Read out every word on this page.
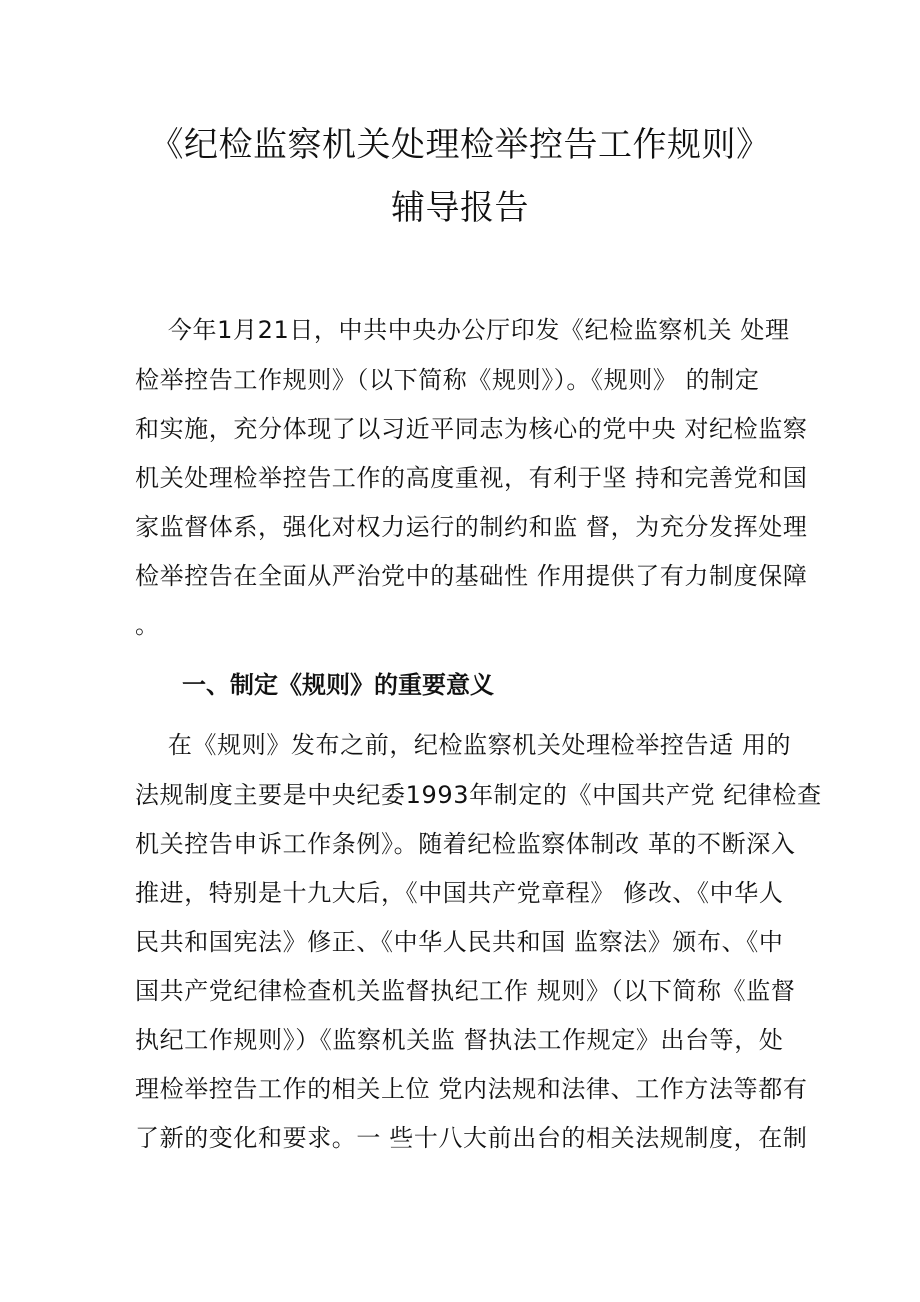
《纪检监察机关处理检举控告工作规则》
辅导报告
今年1月21日，中共中央办公厅印发《纪检监察机关 处理
检举控告工作规则》（以下简称《规则》）。《规则》 的制定
和实施，充分体现了以习近平同志为核心的党中央 对纪检监察
机关处理检举控告工作的高度重视，有利于坚 持和完善党和国
家监督体系，强化对权力运行的制约和监 督，为充分发挥处理
检举控告在全面从严治党中的基础性 作用提供了有力制度保障
。
一、制定《规则》的重要意义
在《规则》发布之前，纪检监察机关处理检举控告适 用的
法规制度主要是中央纪委1993年制定的《中国共产党 纪律检查
机关控告申诉工作条例》。随着纪检监察体制改 革的不断深入
推进，特别是十九大后，《中国共产党章程》 修改、《中华人
民共和国宪法》修正、《中华人民共和国 监察法》颁布、《中
国共产党纪律检查机关监督执纪工作 规则》（以下简称《监督
执纪工作规则》）《监察机关监 督执法工作规定》出台等，处
理检举控告工作的相关上位 党内法规和法律、工作方法等都有
了新的变化和要求。一 些十八大前出台的相关法规制度，在制
